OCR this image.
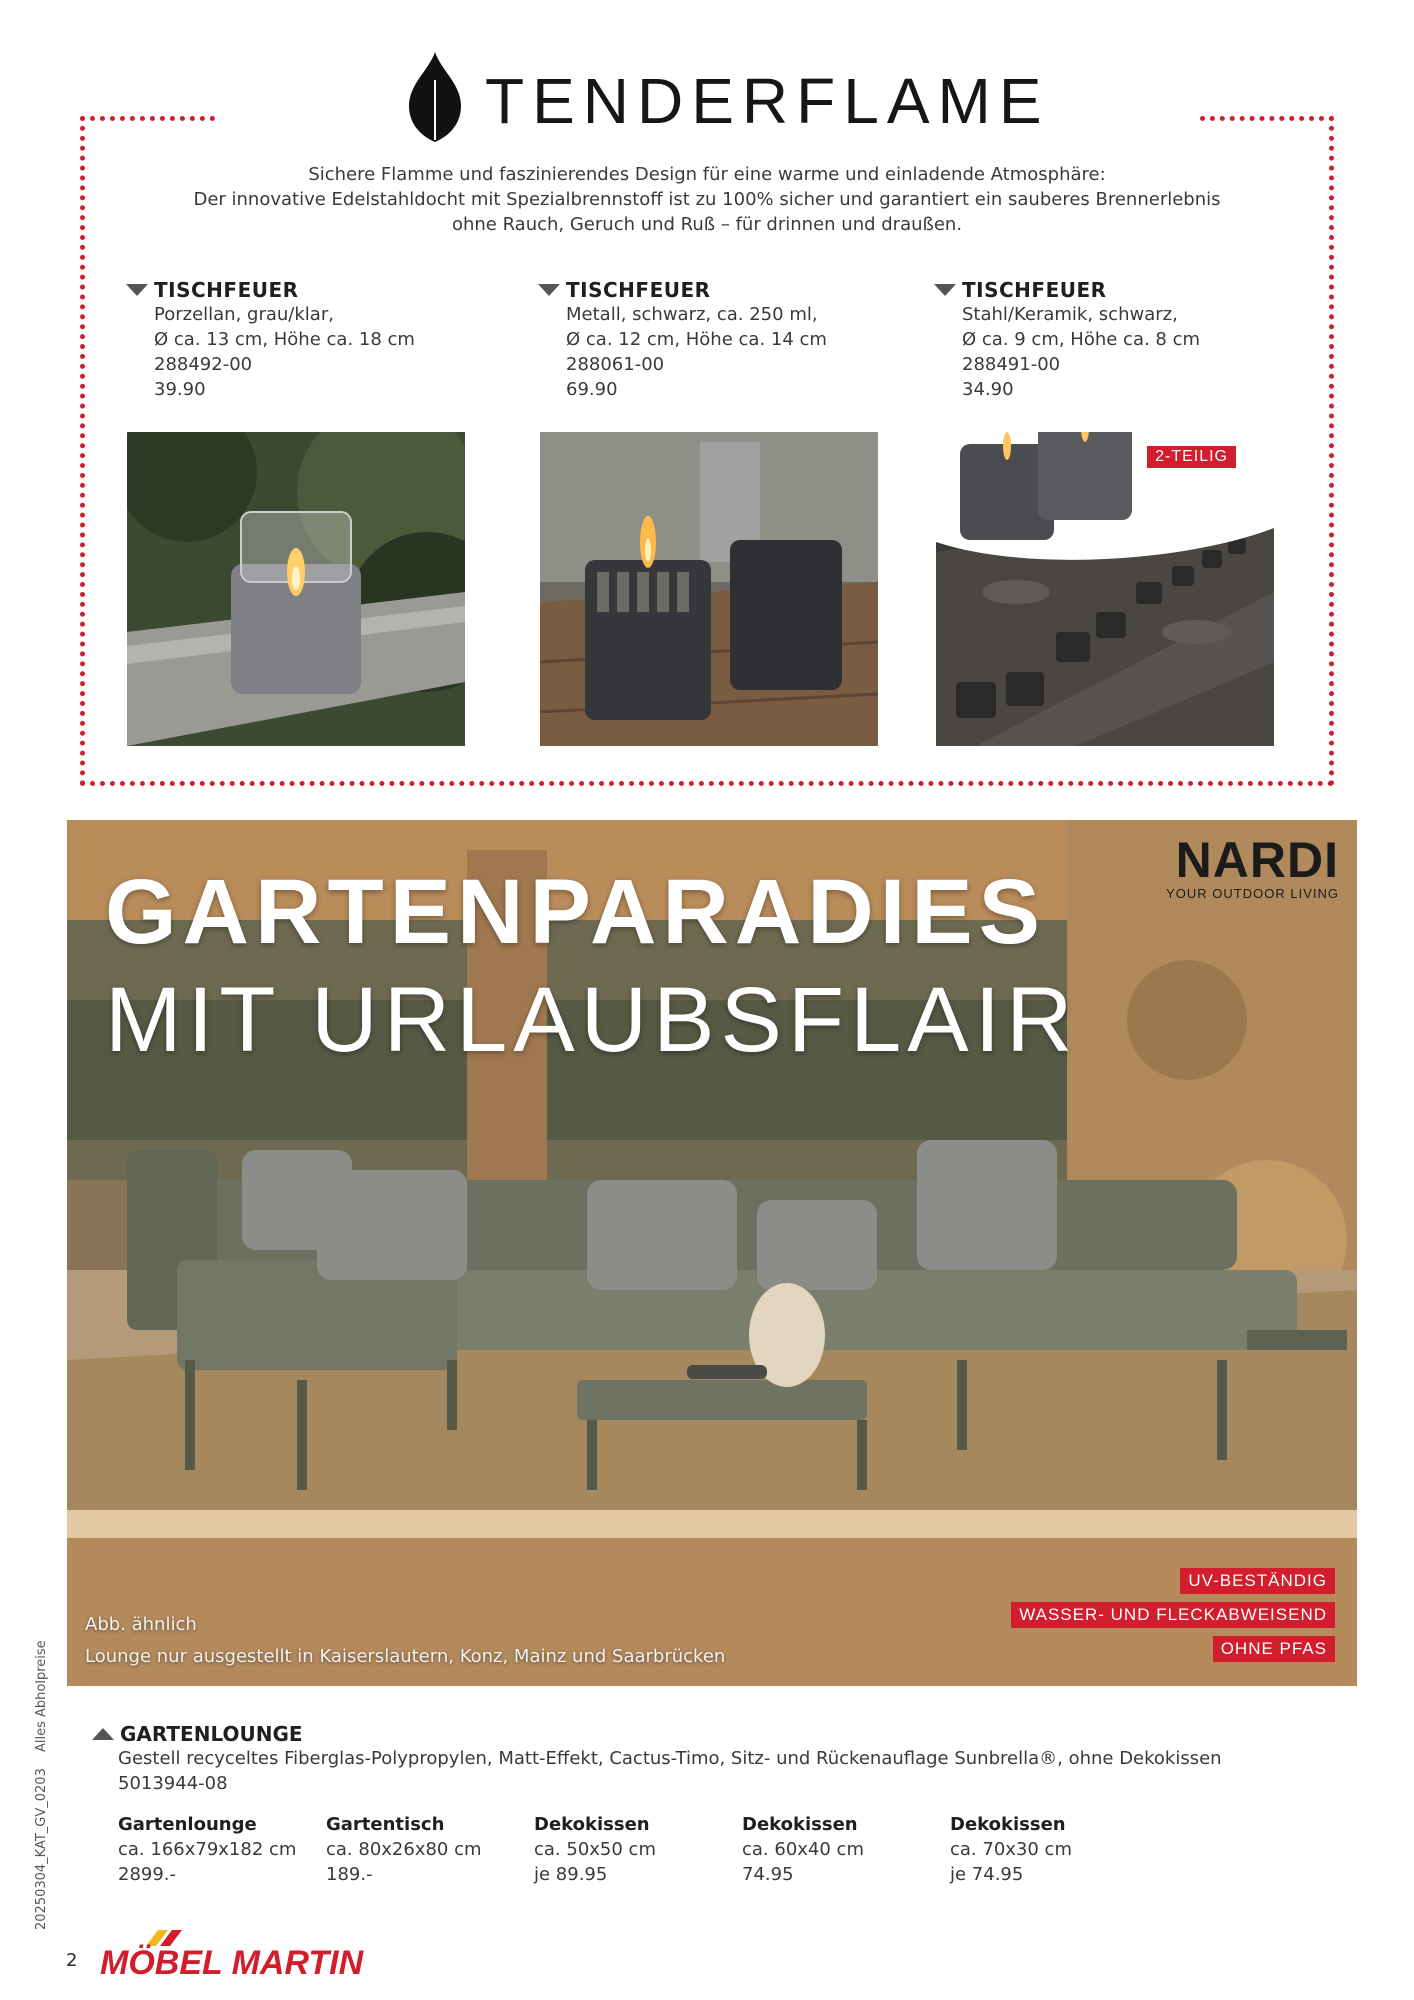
TENDERFLAME
Sichere Flamme und faszinierendes Design für eine warme und einladende Atmosphäre:
Der innovative Edelstahldocht mit Spezialbrennstoff ist zu 100% sicher und garantiert ein sauberes Brennerlebnis
ohne Rauch, Geruch und Ruß – für drinnen und draußen.
TISCHFEUER
Porzellan, grau/klar,
Ø ca. 13 cm, Höhe ca. 18 cm
288492-00
39.90
TISCHFEUER
Metall, schwarz, ca. 250 ml,
Ø ca. 12 cm, Höhe ca. 14 cm
288061-00
69.90
TISCHFEUER
Stahl/Keramik, schwarz,
Ø ca. 9 cm, Höhe ca. 8 cm
288491-00
34.90
2-TEILIG
GARTENPARADIES
MIT URLAUBSFLAIR
NARDI
YOUR OUTDOOR LIVING
Abb. ähnlich
Lounge nur ausgestellt in Kaiserslautern, Konz, Mainz und Saarbrücken
UV-BESTÄNDIG
WASSER- UND FLECKABWEISEND
OHNE PFAS
GARTENLOUNGE
Gestell recyceltes Fiberglas-Polypropylen, Matt-Effekt, Cactus-Timo, Sitz- und Rückenauflage Sunbrella®, ohne Dekokissen
5013944-08
Gartenlounge
ca. 166x79x182 cm
2899.-
Gartentisch
ca. 80x26x80 cm
189.-
Dekokissen
ca. 50x50 cm
je 89.95
Dekokissen
ca. 60x40 cm
74.95
Dekokissen
ca. 70x30 cm
je 74.95
Alles Abholpreise
20250304_KAT_GV_0203
2 MÖBEL MARTIN
